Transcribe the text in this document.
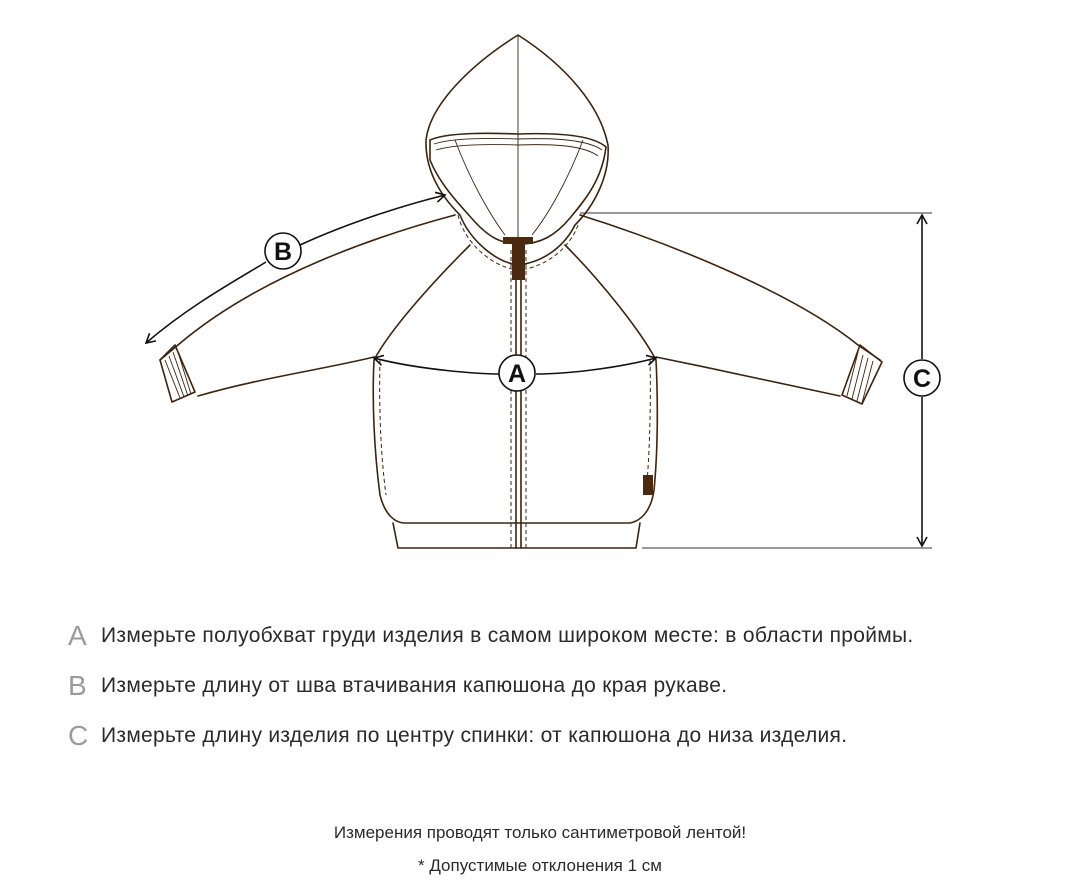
A
B
C
A Измерьте полуобхват груди изделия в самом широком месте: в области проймы.
B Измерьте длину от шва втачивания капюшона до края рукаве.
C Измерьте длину изделия по центру спинки: от капюшона до низа изделия.
Измерения проводят только сантиметровой лентой!
* Допустимые отклонения 1 см
